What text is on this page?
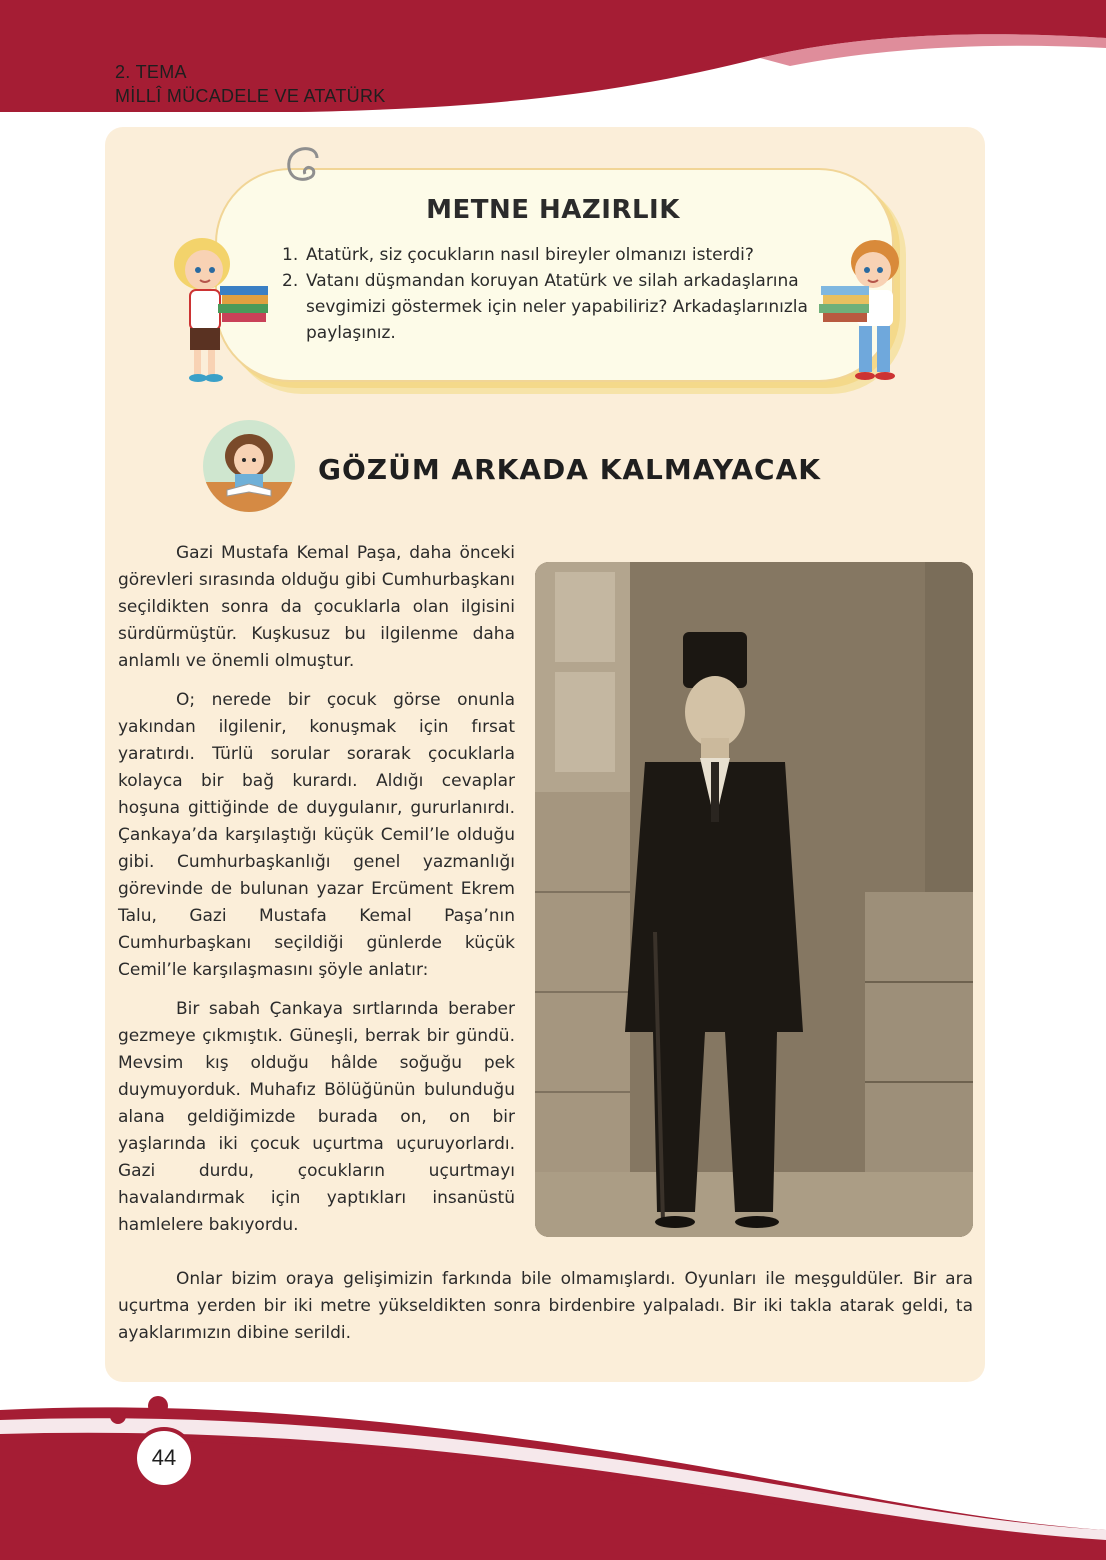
2. TEMA
MİLLÎ MÜCADELE VE ATATÜRK
METNE HAZIRLIK
1. Atatürk, siz çocukların nasıl bireyler olmanızı isterdi?
2. Vatanı düşmandan koruyan Atatürk ve silah arkadaşlarına sevgimizi göstermek için neler yapabiliriz? Arkadaşlarınızla paylaşınız.
GÖZÜM ARKADA KALMAYACAK

Gazi Mustafa Kemal Paşa, daha önceki görevleri sırasında olduğu gibi Cumhurbaşkanı seçildikten sonra da çocuklarla olan ilgisini sürdürmüştür. Kuşkusuz bu ilgilenme daha anlamlı ve önemli olmuştur.

O; nerede bir çocuk görse onunla yakından ilgilenir, konuşmak için fırsat yaratırdı. Türlü sorular sorarak çocuklarla kolayca bir bağ kurardı. Aldığı cevaplar hoşuna gittiğinde de duygulanır, gururlanırdı. Çankaya’da karşılaştığı küçük Cemil’le olduğu gibi. Cumhurbaşkanlığı genel yazmanlığı görevinde de bulunan yazar Ercüment Ekrem Talu, Gazi Mustafa Kemal Paşa’nın Cumhurbaşkanı seçildiği günlerde küçük Cemil’le karşılaşmasını şöyle anlatır:

Bir sabah Çankaya sırtlarında beraber gezmeye çıkmıştık. Güneşli, berrak bir gündü. Mevsim kış olduğu hâlde soğuğu pek duymuyorduk. Muhafız Bölüğünün bulunduğu alana geldiğimizde burada on, on bir yaşlarında iki çocuk uçurtma uçuruyorlardı. Gazi durdu, çocukların uçurtmayı havalandırmak için yaptıkları insanüstü hamlelere bakıyordu.

Onlar bizim oraya gelişimizin farkında bile olmamışlardı. Oyunları ile meşguldüler. Bir ara uçurtma yerden bir iki metre yükseldikten sonra birdenbire yalpaladı. Bir iki takla atarak geldi, ta ayaklarımızın dibine serildi.

44
